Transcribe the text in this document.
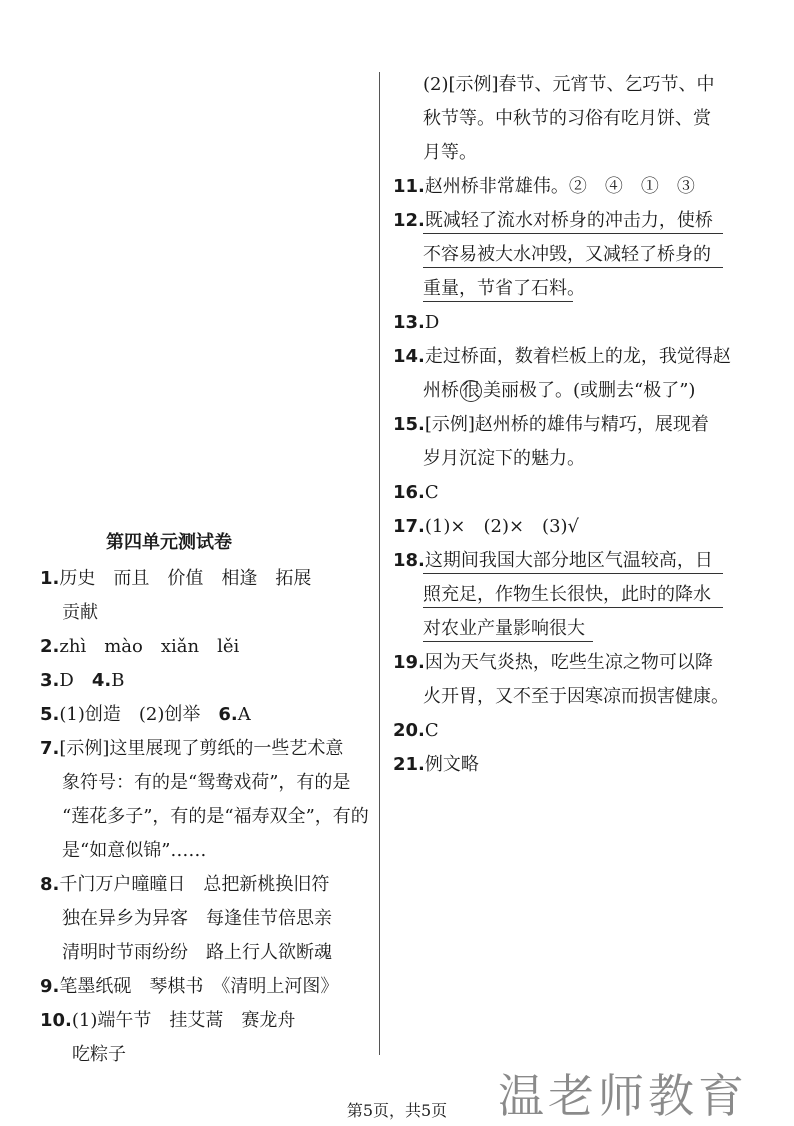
第四单元测试卷
1.历史　而且　价值　相逢　拓展
贡献
2.zhì　mào　xiǎn　lěi
3.D　4.B
5.(1)创造　(2)创举　6.A
7.[示例]这里展现了剪纸的一些艺术意
象符号：有的是“鸳鸯戏荷”，有的是
“莲花多子”，有的是“福寿双全”，有的
是“如意似锦”……
8.千门万户曈曈日　总把新桃换旧符
独在异乡为异客　每逢佳节倍思亲
清明时节雨纷纷　路上行人欲断魂
9.笔墨纸砚　琴棋书　《清明上河图》
10.(1)端午节　挂艾蒿　赛龙舟
吃粽子
(2)[示例]春节、元宵节、乞巧节、中
秋节等。中秋节的习俗有吃月饼、赏
月等。
11.赵州桥非常雄伟。②　④　①　③
12.既减轻了流水对桥身的冲击力，使桥
不容易被大水冲毁，又减轻了桥身的
重量，节省了石料。
13.D
14.走过桥面，数着栏板上的龙，我觉得赵
州桥 很 美丽极了。(或删去“极了”)
15.[示例]赵州桥的雄伟与精巧，展现着
岁月沉淀下的魅力。
16.C
17.(1)×　(2)×　(3)√
18.这期间我国大部分地区气温较高，日
照充足，作物生长很快，此时的降水
对农业产量影响很大
19.因为天气炎热，吃些生凉之物可以降
火开胃，又不至于因寒凉而损害健康。
20.C
21.例文略
第5页，共5页	温老师教育
